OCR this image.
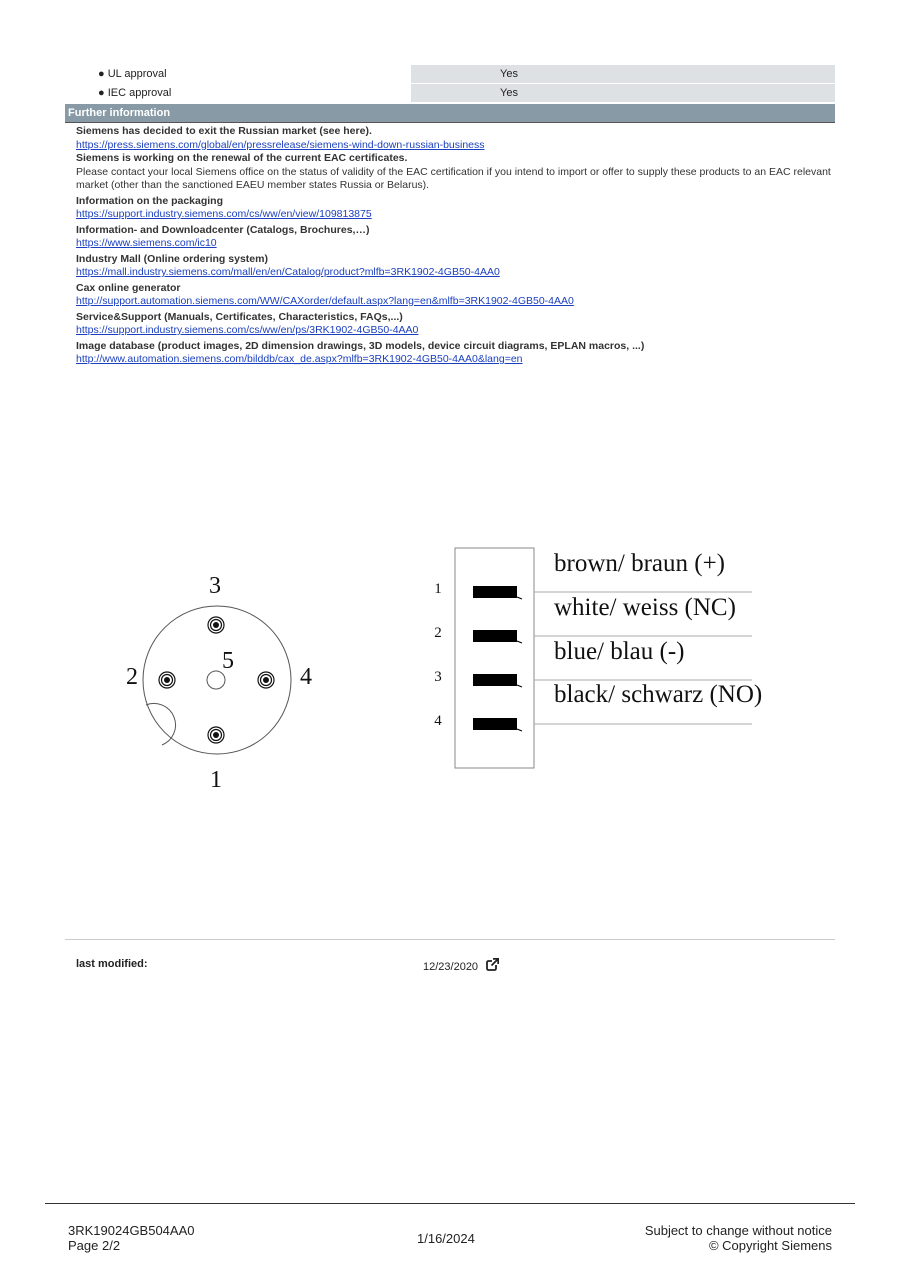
● UL approval	Yes
● IEC approval	Yes
Further information
Siemens has decided to exit the Russian market (see here).
https://press.siemens.com/global/en/pressrelease/siemens-wind-down-russian-business
Siemens is working on the renewal of the current EAC certificates.
Please contact your local Siemens office on the status of validity of the EAC certification if you intend to import or offer to supply these products to an EAC relevant market (other than the sanctioned EAEU member states Russia or Belarus).
Information on the packaging
https://support.industry.siemens.com/cs/ww/en/view/109813875
Information- and Downloadcenter (Catalogs, Brochures,…)
https://www.siemens.com/ic10
Industry Mall (Online ordering system)
https://mall.industry.siemens.com/mall/en/en/Catalog/product?mlfb=3RK1902-4GB50-4AA0
Cax online generator
http://support.automation.siemens.com/WW/CAXorder/default.aspx?lang=en&mlfb=3RK1902-4GB50-4AA0
Service&Support (Manuals, Certificates, Characteristics, FAQs,...)
https://support.industry.siemens.com/cs/ww/en/ps/3RK1902-4GB50-4AA0
Image database (product images, 2D dimension drawings, 3D models, device circuit diagrams, EPLAN macros, ...)
http://www.automation.siemens.com/bilddb/cax_de.aspx?mlfb=3RK1902-4GB50-4AA0&lang=en
3
2
5
4
1
1
2
3
4
brown/ braun (+)
white/ weiss (NC)
blue/ blau (-)
black/ schwarz (NO)
last modified:	12/23/2020
3RK19024GB504AA0
Page 2/2	1/16/2024
Subject to change without notice
© Copyright Siemens
